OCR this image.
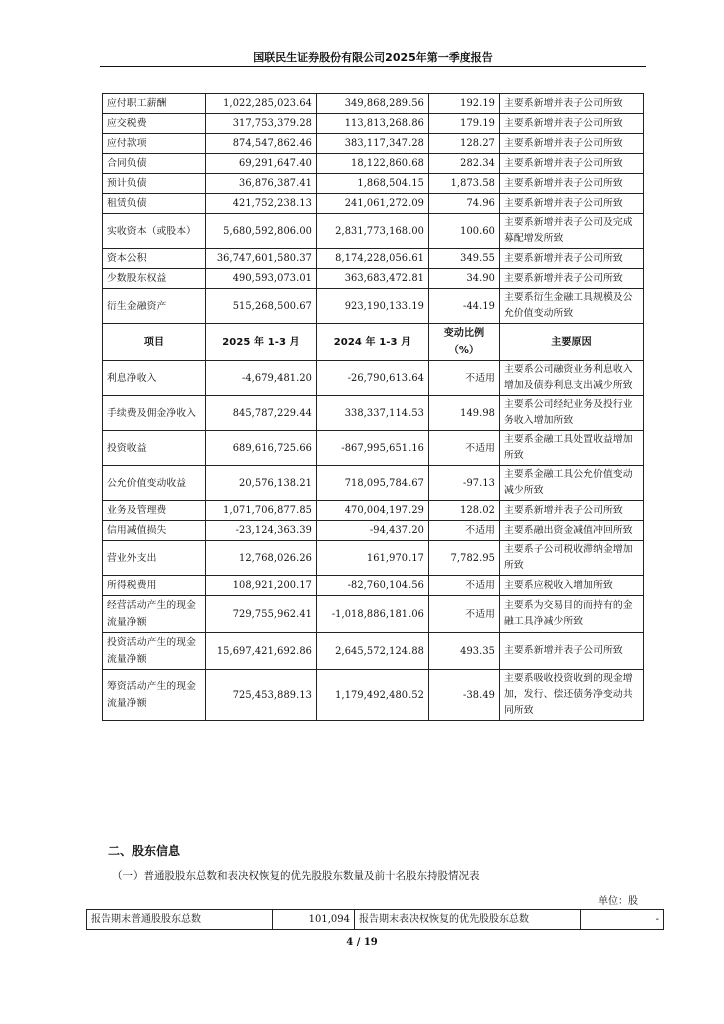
国联民生证券股份有限公司2025年第一季度报告
应付职工薪酬	1,022,285,023.64	349,868,289.56	192.19	主要系新增并表子公司所致
应交税费	317,753,379.28	113,813,268.86	179.19	主要系新增并表子公司所致
应付款项	874,547,862.46	383,117,347.28	128.27	主要系新增并表子公司所致
合同负债	69,291,647.40	18,122,860.68	282.34	主要系新增并表子公司所致
预计负债	36,876,387.41	1,868,504.15	1,873.58	主要系新增并表子公司所致
租赁负债	421,752,238.13	241,061,272.09	74.96	主要系新增并表子公司所致
实收资本（或股本）	5,680,592,806.00	2,831,773,168.00	100.60	主要系新增并表子公司及完成募配增发所致
资本公积	36,747,601,580.37	8,174,228,056.61	349.55	主要系新增并表子公司所致
少数股东权益	490,593,073.01	363,683,472.81	34.90	主要系新增并表子公司所致
衍生金融资产	515,268,500.67	923,190,133.19	-44.19	主要系衍生金融工具规模及公允价值变动所致
项目	2025 年 1-3 月	2024 年 1-3 月	变动比例（%）	主要原因
利息净收入	-4,679,481.20	-26,790,613.64	不适用	主要系公司融资业务利息收入增加及债券利息支出减少所致
手续费及佣金净收入	845,787,229.44	338,337,114.53	149.98	主要系公司经纪业务及投行业务收入增加所致
投资收益	689,616,725.66	-867,995,651.16	不适用	主要系金融工具处置收益增加所致
公允价值变动收益	20,576,138.21	718,095,784.67	-97.13	主要系金融工具公允价值变动减少所致
业务及管理费	1,071,706,877.85	470,004,197.29	128.02	主要系新增并表子公司所致
信用减值损失	-23,124,363.39	-94,437.20	不适用	主要系融出资金减值冲回所致
营业外支出	12,768,026.26	161,970.17	7,782.95	主要系子公司税收滞纳金增加所致
所得税费用	108,921,200.17	-82,760,104.56	不适用	主要系应税收入增加所致
经营活动产生的现金流量净额	729,755,962.41	-1,018,886,181.06	不适用	主要系为交易目的而持有的金融工具净减少所致
投资活动产生的现金流量净额	15,697,421,692.86	2,645,572,124.88	493.35	主要系新增并表子公司所致
筹资活动产生的现金流量净额	725,453,889.13	1,179,492,480.52	-38.49	主要系吸收投资收到的现金增加，发行、偿还债务净变动共同所致
二、股东信息
（一）普通股股东总数和表决权恢复的优先股股东数量及前十名股东持股情况表
单位：股
报告期末普通股股东总数	101,094	报告期末表决权恢复的优先股股东总数	-
4 / 19
